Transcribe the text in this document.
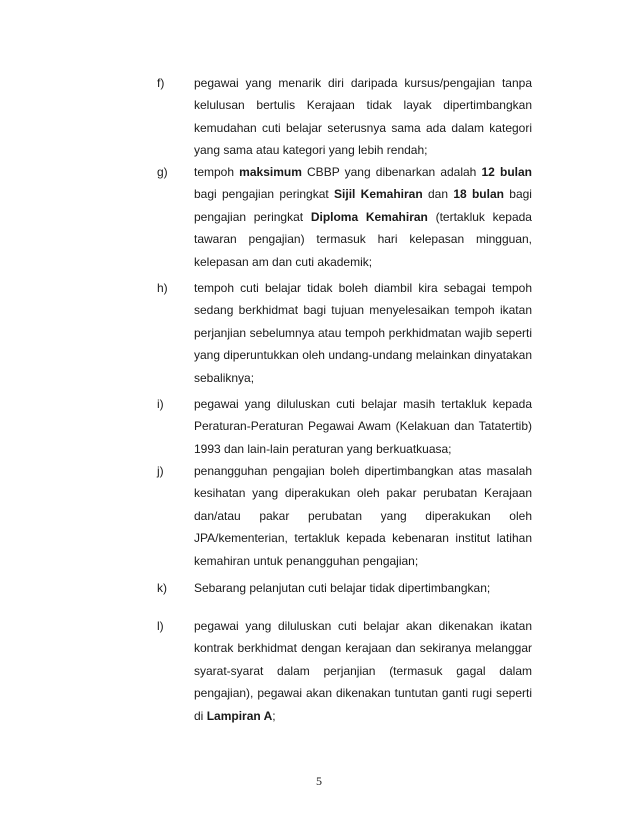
f) pegawai yang menarik diri daripada kursus/pengajian tanpa kelulusan bertulis Kerajaan tidak layak dipertimbangkan kemudahan cuti belajar seterusnya sama ada dalam kategori yang sama atau kategori yang lebih rendah;
g) tempoh maksimum CBBP yang dibenarkan adalah 12 bulan bagi pengajian peringkat Sijil Kemahiran dan 18 bulan bagi pengajian peringkat Diploma Kemahiran (tertakluk kepada tawaran pengajian) termasuk hari kelepasan mingguan, kelepasan am dan cuti akademik;
h) tempoh cuti belajar tidak boleh diambil kira sebagai tempoh sedang berkhidmat bagi tujuan menyelesaikan tempoh ikatan perjanjian sebelumnya atau tempoh perkhidmatan wajib seperti yang diperuntukkan oleh undang-undang melainkan dinyatakan sebaliknya;
i)	pegawai yang diluluskan cuti belajar masih tertakluk kepada Peraturan-Peraturan Pegawai Awam (Kelakuan dan Tatatertib) 1993 dan lain-lain peraturan yang berkuatkuasa;
j)	penangguhan pengajian boleh dipertimbangkan atas masalah kesihatan yang diperakukan oleh pakar perubatan Kerajaan dan/atau pakar perubatan yang diperakukan oleh JPA/kementerian, tertakluk kepada kebenaran institut latihan kemahiran untuk penangguhan pengajian;
k) Sebarang pelanjutan cuti belajar tidak dipertimbangkan;
l)	pegawai yang diluluskan cuti belajar akan dikenakan ikatan kontrak berkhidmat dengan kerajaan dan sekiranya melanggar syarat-syarat dalam perjanjian (termasuk gagal dalam pengajian), pegawai akan dikenakan tuntutan ganti rugi seperti di Lampiran A;
5
